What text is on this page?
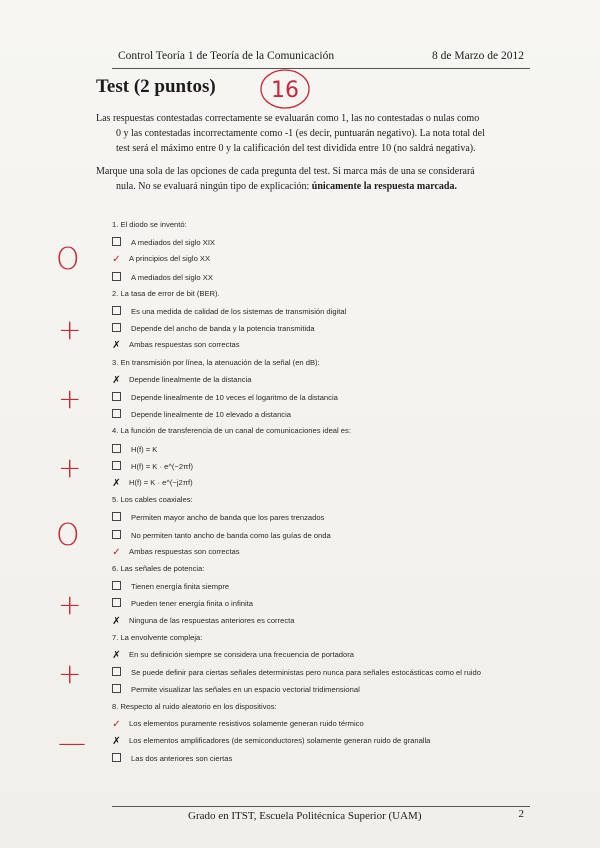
Control Teoría 1 de Teoría de la Comunicación	8 de Marzo de 2012
Test (2 puntos)	16

Las respuestas contestadas correctamente se evaluarán como 1, las no contestadas o nulas como

0 y las contestadas incorrectamente como -1 (es decir, puntuarán negativo). La nota total del

test será el máximo entre 0 y la calificación del test dividida entre 10 (no saldrá negativa).

Marque una sola de las opciones de cada pregunta del test. Si marca más de una se considerará

nula. No se evaluará ningún tipo de explicación: únicamente la respuesta marcada.

1. El diodo se inventó:
A mediados del siglo XIX
✓ A principios del siglo XX
A mediados del siglo XX
2. La tasa de error de bit (BER).
Es una medida de calidad de los sistemas de transmisión digital
Depende del ancho de banda y la potencia transmitida
✗ Ambas respuestas son correctas
3. En transmisión por línea, la atenuación de la señal (en dB):
✗ Depende linealmente de la distancia
Depende linealmente de 10 veces el logaritmo de la distancia
Depende linealmente de 10 elevado a distancia
4. La función de transferencia de un canal de comunicaciones ideal es:
H(f) = K
H(f) = K · e^(−2πf)
✗ H(f) = K · e^(−j2πf)
5. Los cables coaxiales:
Permiten mayor ancho de banda que los pares trenzados
No permiten tanto ancho de banda como las guías de onda
✓ Ambas respuestas son correctas
6. Las señales de potencia:
Tienen energía finita siempre
Pueden tener energía finita o infinita
✗ Ninguna de las respuestas anteriores es correcta
7. La envolvente compleja:
✗ En su definición siempre se considera una frecuencia de portadora
Se puede definir para ciertas señales deterministas pero nunca para señales estocásticas como el ruido
Permite visualizar las señales en un espacio vectorial tridimensional
8. Respecto al ruido aleatorio en los dispositivos:
✓ Los elementos puramente resistivos solamente generan ruido térmico
✗ Los elementos amplificadores (de semiconductores) solamente generan ruido de granalla
Las dos anteriores son ciertas
O
+
+
+
O
+
+
—
Grado en ITST, Escuela Politécnica Superior (UAM)	2
